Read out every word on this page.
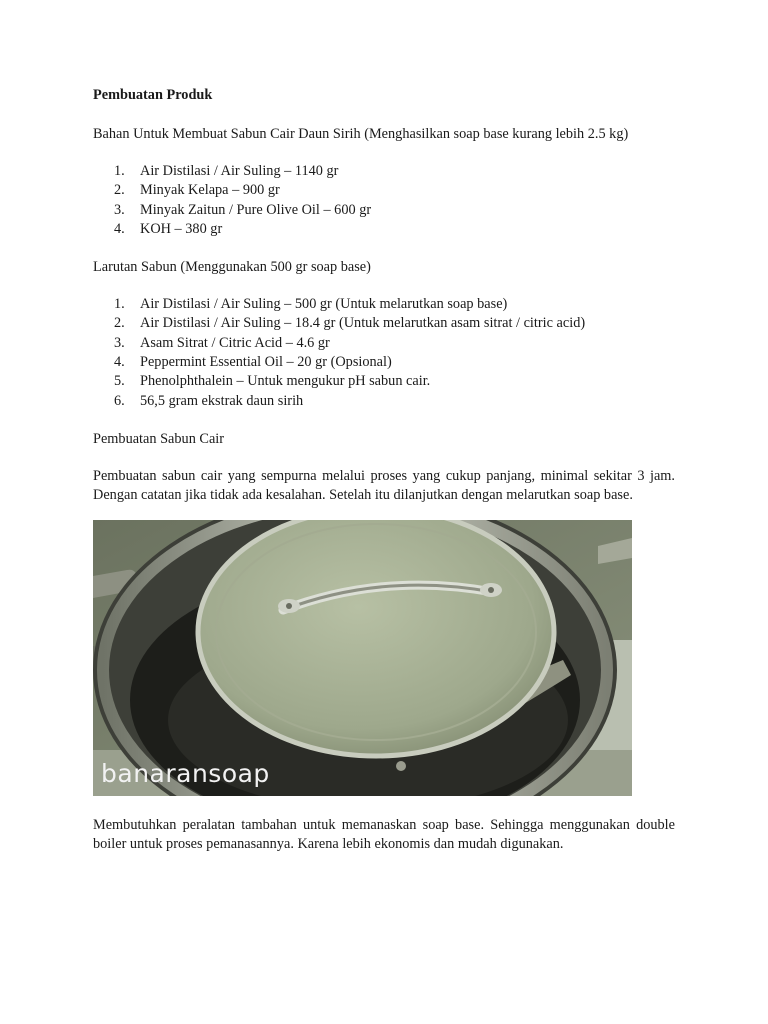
Pembuatan Produk

Bahan Untuk Membuat Sabun Cair Daun Sirih (Menghasilkan soap base kurang lebih 2.5 kg)

1.	Air Distilasi / Air Suling – 1140 gr
2.	Minyak Kelapa – 900 gr
3.	Minyak Zaitun / Pure Olive Oil – 600 gr
4.	KOH – 380 gr

Larutan Sabun (Menggunakan 500 gr soap base)

1.	Air Distilasi / Air Suling – 500 gr (Untuk melarutkan soap base)
2.	Air Distilasi / Air Suling – 18.4 gr (Untuk melarutkan asam sitrat / citric acid)
3.	Asam Sitrat / Citric Acid – 4.6 gr
4.	Peppermint Essential Oil – 20 gr (Opsional)
5.	Phenolphthalein – Untuk mengukur pH sabun cair.
6.	56,5 gram ekstrak daun sirih

Pembuatan Sabun Cair

Pembuatan sabun cair yang sempurna melalui proses yang cukup panjang, minimal sekitar 3 jam. Dengan catatan jika tidak ada kesalahan. Setelah itu dilanjutkan dengan melarutkan soap base.

banaransoap

Membutuhkan peralatan tambahan untuk memanaskan soap base. Sehingga menggunakan double boiler untuk proses pemanasannya. Karena lebih ekonomis dan mudah digunakan.
